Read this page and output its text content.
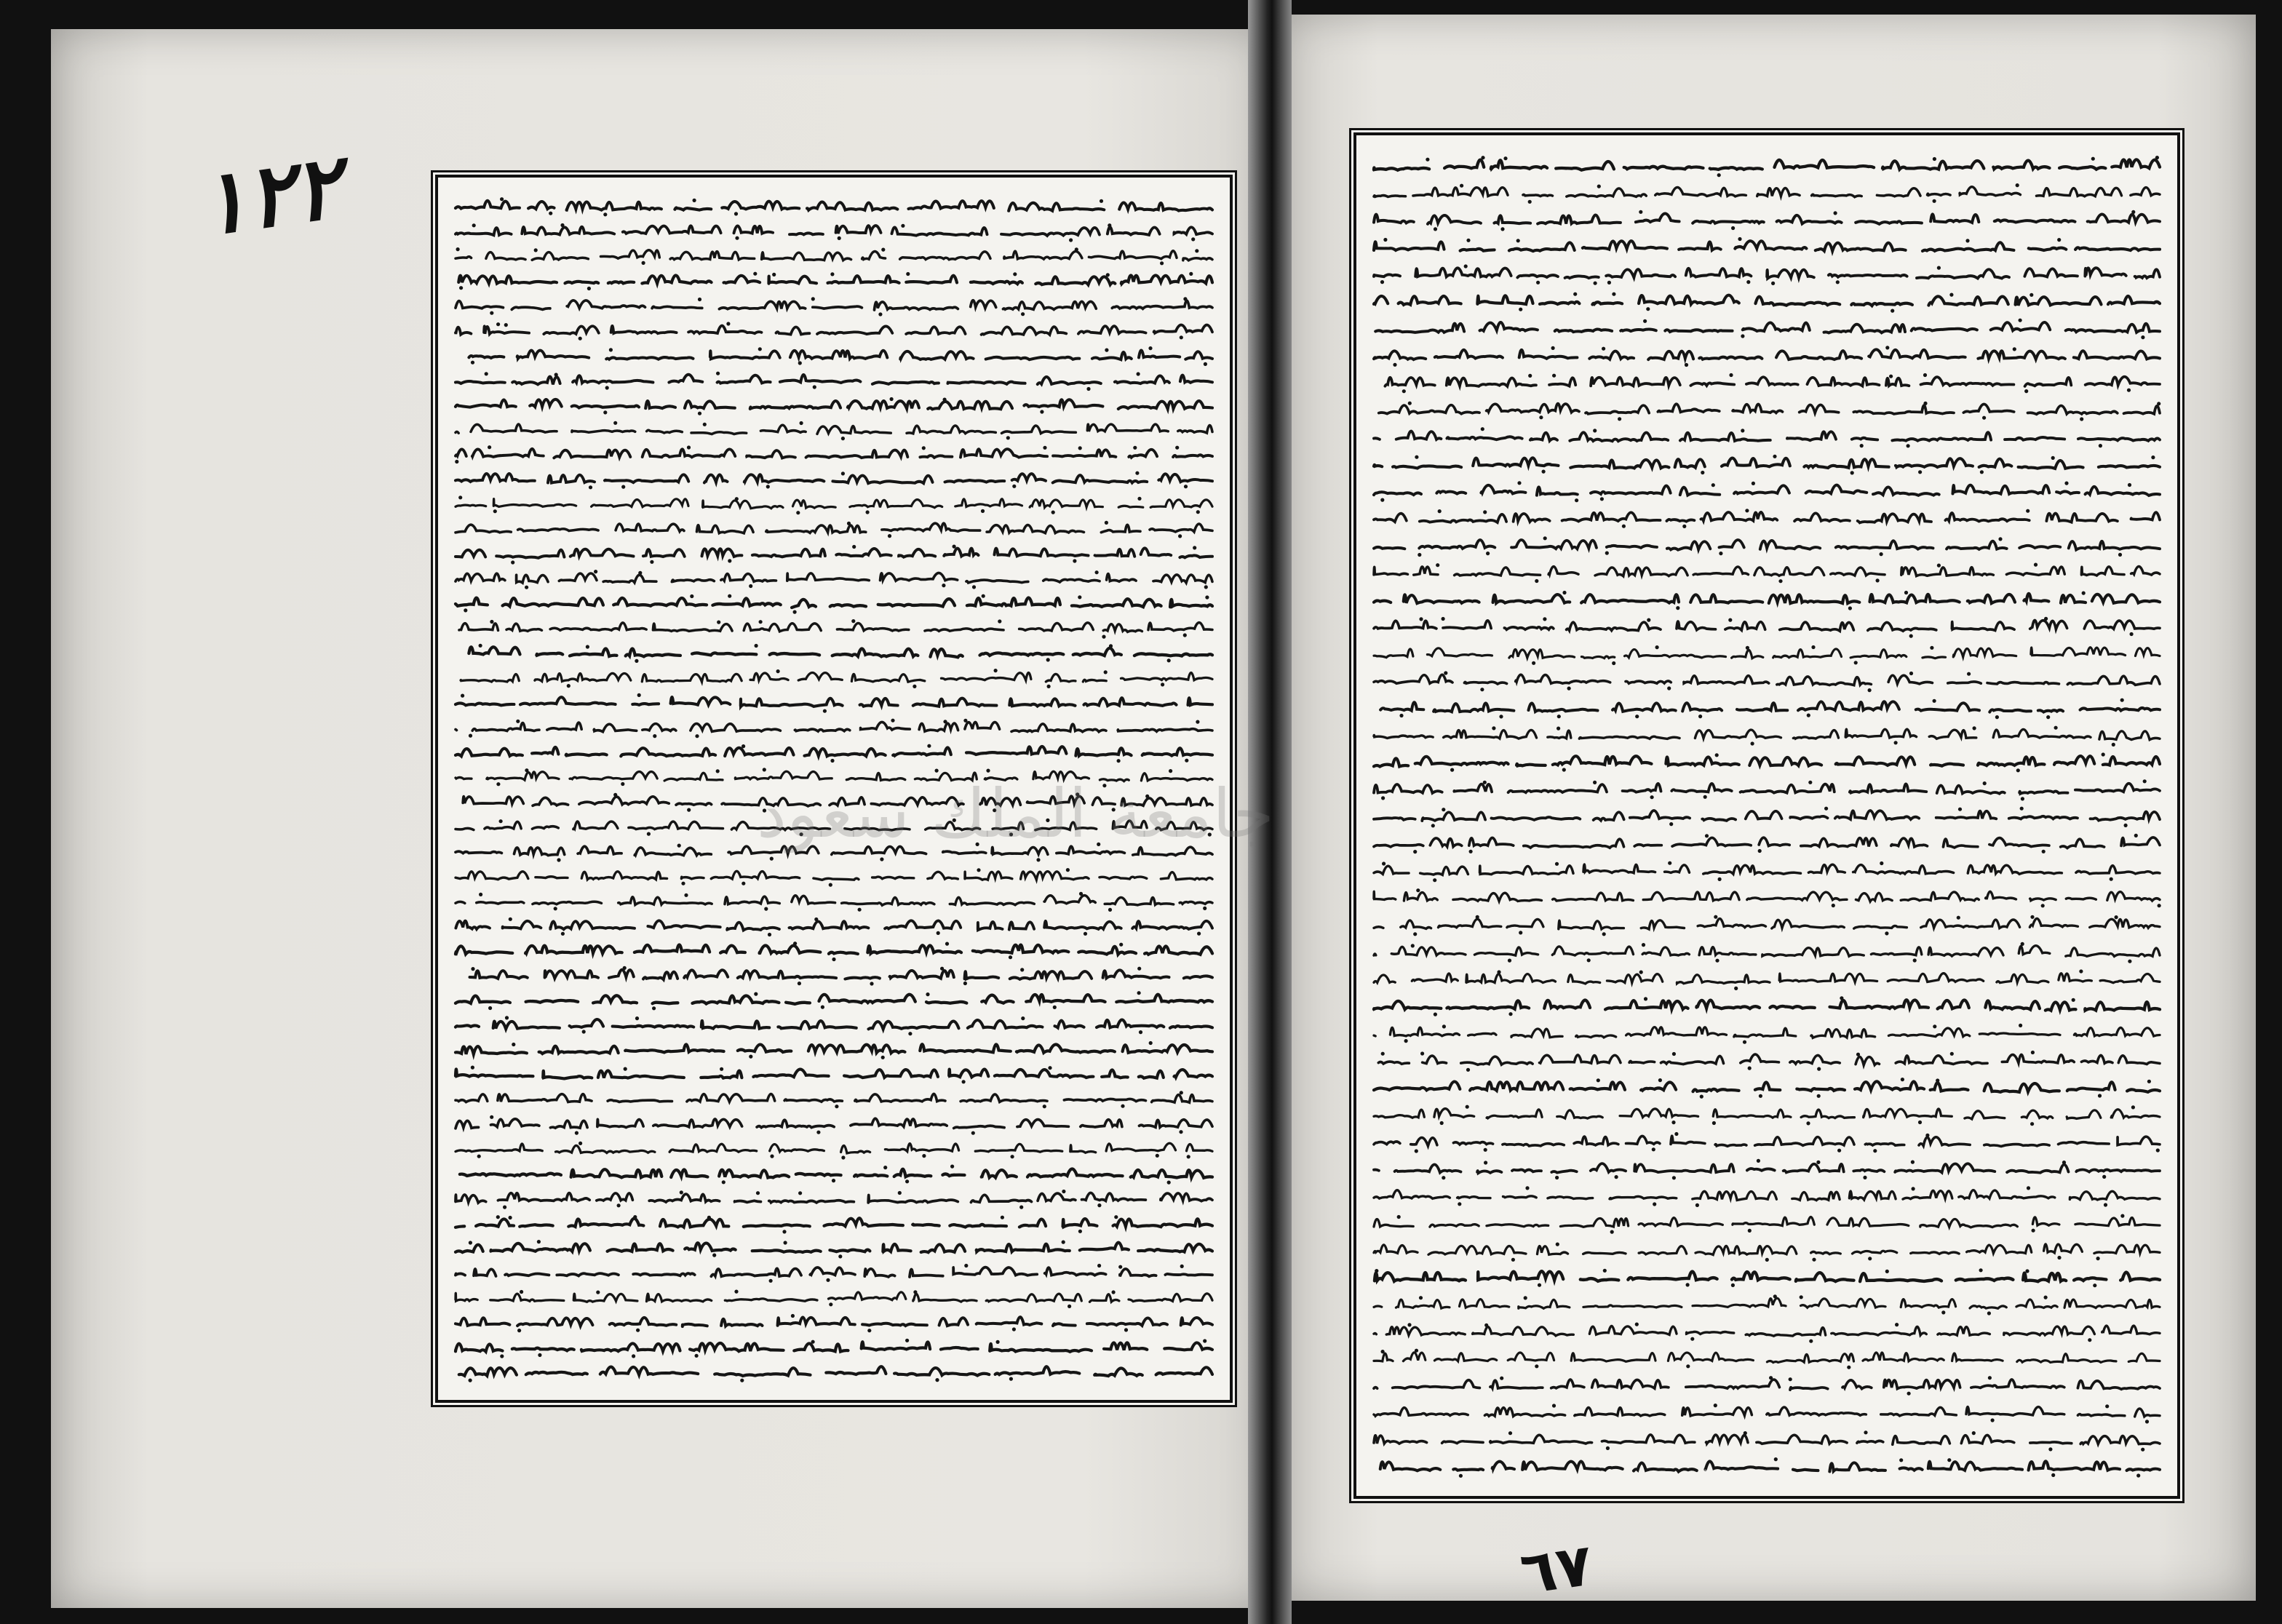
١٢٢
٦٧
جامعة الملك سعود
